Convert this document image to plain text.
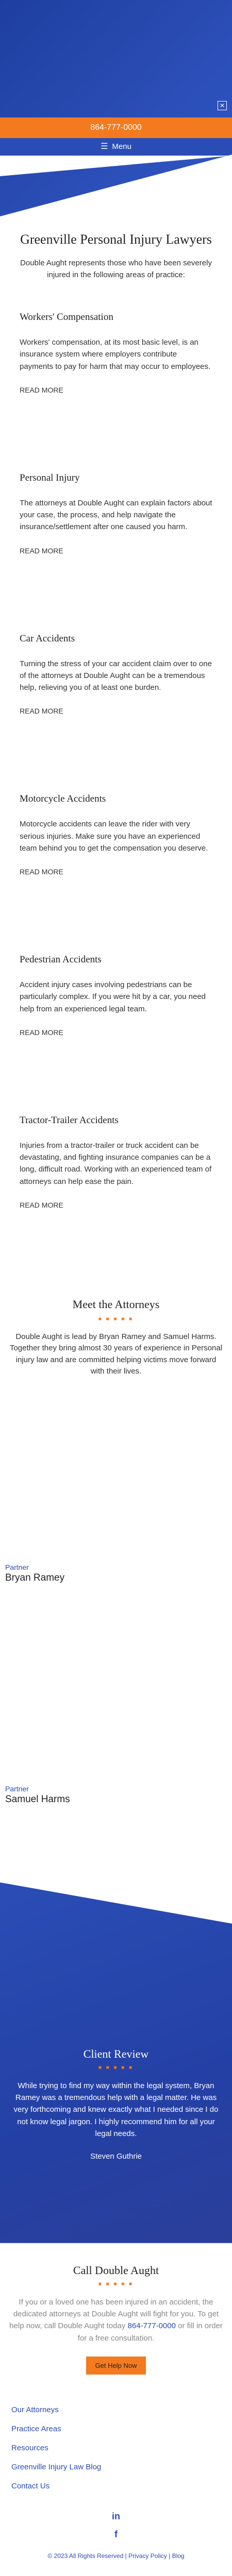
✕
864-777-0000
☰ Menu
Greenville Personal Injury Lawyers

Double Aught represents those who have been severely injured in the following areas of practice:

Workers' Compensation

Workers' compensation, at its most basic level, is an insurance system where employers contribute payments to pay for harm that may occur to employees.

READ MORE
Personal Injury

The attorneys at Double Aught can explain factors about your case, the process, and help navigate the insurance/settlement after one caused you harm.

READ MORE
Car Accidents

Turning the stress of your car accident claim over to one of the attorneys at Double Aught can be a tremendous help, relieving you of at least one burden.

READ MORE
Motorcycle Accidents

Motorcycle accidents can leave the rider with very serious injuries. Make sure you have an experienced team behind you to get the compensation you deserve.

READ MORE
Pedestrian Accidents

Accident injury cases involving pedestrians can be particularly complex. If you were hit by a car, you need help from an experienced legal team.

READ MORE
Tractor-Trailer Accidents

Injuries from a tractor-trailer or truck accident can be devastating, and fighting insurance companies can be a long, difficult road. Working with an experienced team of attorneys can help ease the pain.

READ MORE
Meet the Attorneys
■ ■ ■ ■ ■

Double Aught is lead by Bryan Ramey and Samuel Harms. Together they bring almost 30 years of experience in Personal injury law and are committed helping victims move forward with their lives.

Partner
Bryan Ramey
Partner
Samuel Harms
Client Review
■ ■ ■ ■ ■

While trying to find my way within the legal system, Bryan Ramey was a tremendous help with a legal matter. He was very forthcoming and knew exactly what I needed since I do not know legal jargon. I highly recommend him for all your legal needs.

Steven Guthrie

Call Double Aught
■ ■ ■ ■ ■

If you or a loved one has been injured in an accident, the dedicated attorneys at Double Aught will fight for you. To get help now, call Double Aught today 864-777-0000 or fill in order for a free consultation.

Get Help Now
Our Attorneys
Practice Areas
Resources
Greenville Injury Law Blog
Contact Us
in
f
© 2023 All Rights Reserved | Privacy Policy | Blog
